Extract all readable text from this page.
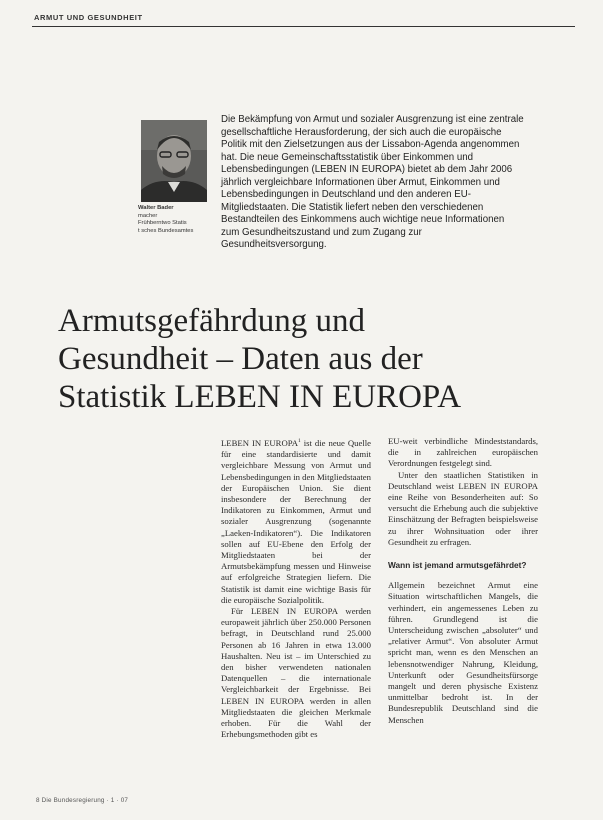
ARMUT UND GESUNDHEIT
Walter Bader
macher
Frühberntwo Statis
t sches Bundesamtes
Die Bekämpfung von Armut und sozialer Ausgrenzung ist eine zentrale gesellschaftliche Herausforderung, der sich auch die europäische Politik mit den Zielsetzungen aus der Lissabon-Agenda angenommen hat. Die neue Gemeinschaftsstatistik über Einkommen und Lebensbedingungen (LEBEN IN EUROPA) bietet ab dem Jahr 2006 jährlich vergleichbare Informationen über Armut, Einkommen und Lebensbedingungen in Deutschland und den anderen EU-Mitgliedstaaten. Die Statistik liefert neben den verschiedenen Bestandteilen des Einkommens auch wichtige neue Informationen zum Gesundheitszustand und zum Zugang zur Gesundheitsversorgung.
Armutsgefährdung und
Gesundheit – Daten aus der
Statistik LEBEN IN EUROPA

LEBEN IN EUROPA$^1$ ist die neue Quelle für eine standardisierte und damit vergleichbare Messung von Armut und Lebensbedingungen in den Mitgliedstaaten der Europäischen Union. Sie dient insbesondere der Berechnung der Indikatoren zu Einkommen, Armut und sozialer Ausgrenzung (sogenannte „Laeken-Indikatoren“). Die Indikatoren sollen auf EU-Ebene den Erfolg der Mitgliedstaaten bei der Armutsbekämpfung messen und Hinweise auf erfolgreiche Strategien liefern. Die Statistik ist damit eine wichtige Basis für die europäische Sozialpolitik.

Für LEBEN IN EUROPA werden europaweit jährlich über 250.000 Personen befragt, in Deutschland rund 25.000 Personen ab 16 Jahren in etwa 13.000 Haushalten. Neu ist – im Unterschied zu den bisher verwendeten nationalen Datenquellen – die internationale Vergleichbarkeit der Ergebnisse. Bei LEBEN IN EUROPA werden in allen Mitgliedstaaten die gleichen Merkmale erhoben. Für die Wahl der Erhebungsmethoden gibt es

EU-weit verbindliche Mindeststandards, die in zahlreichen europäischen Verordnungen festgelegt sind.

Unter den staatlichen Statistiken in Deutschland weist LEBEN IN EUROPA eine Reihe von Besonderheiten auf: So versucht die Erhebung auch die subjektive Einschätzung der Befragten beispielsweise zu ihrer Wohnsituation oder ihrer Gesundheit zu erfragen.

Wann ist jemand armutsgefährdet?

Allgemein bezeichnet Armut eine Situation wirtschaftlichen Mangels, die verhindert, ein angemessenes Leben zu führen. Grundlegend ist die Unterscheidung zwischen „absoluter“ und „relativer Armut“. Von absoluter Armut spricht man, wenn es den Menschen an lebensnotwendiger Nahrung, Kleidung, Unterkunft oder Gesundheitsfürsorge mangelt und deren physische Existenz unmittelbar bedroht ist. In der Bundesrepublik Deutschland sind die Menschen

8 Die Bundesregierung · 1 · 07
